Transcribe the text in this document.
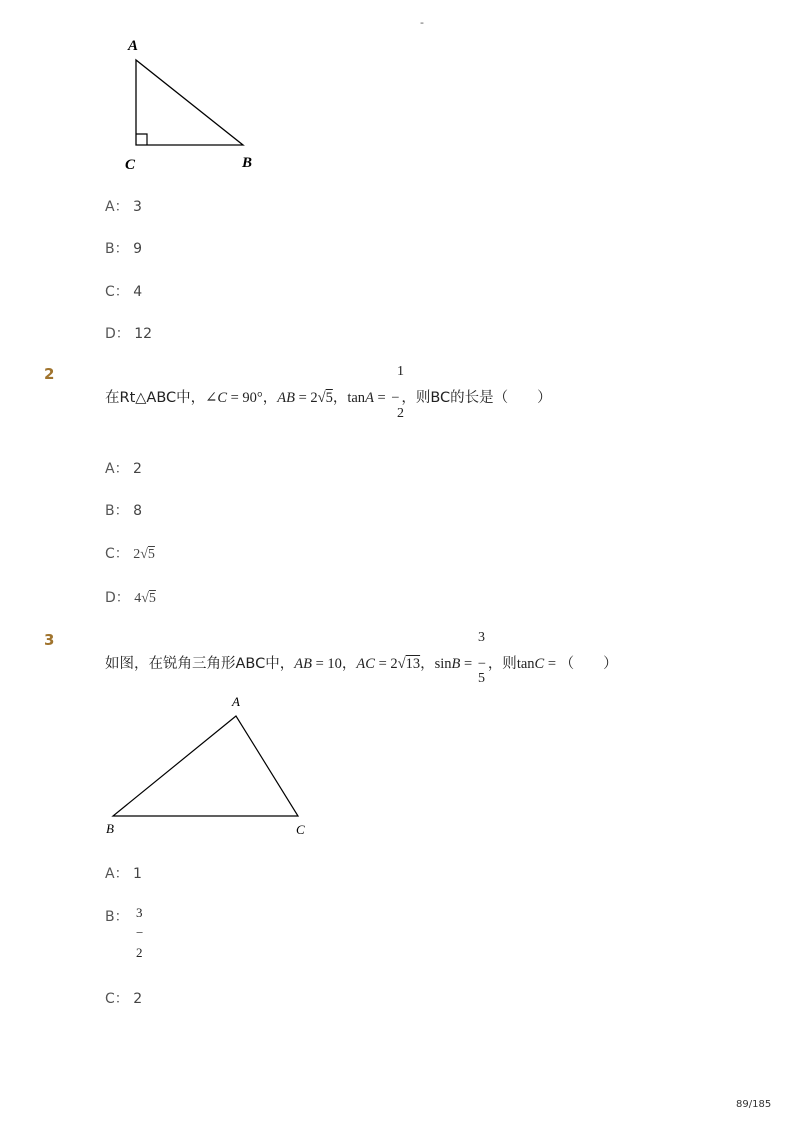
-
A
C	B
A： 3
B： 9
C： 4
D： 12
2	1
2
在Rt△ABC中，∠C = 90°，AB = 2√5，tanA = − ，则BC的长是（　　）
A： 2
B： 8
C： 2√5
D： 4√5
3	3
5
如图，在锐角三角形ABC中，AB = 10，AC = 2√13，sinB = − ，则tanC = （　　）
A
B	C
A： 1
B： 3
−
2
C： 2
89/185
